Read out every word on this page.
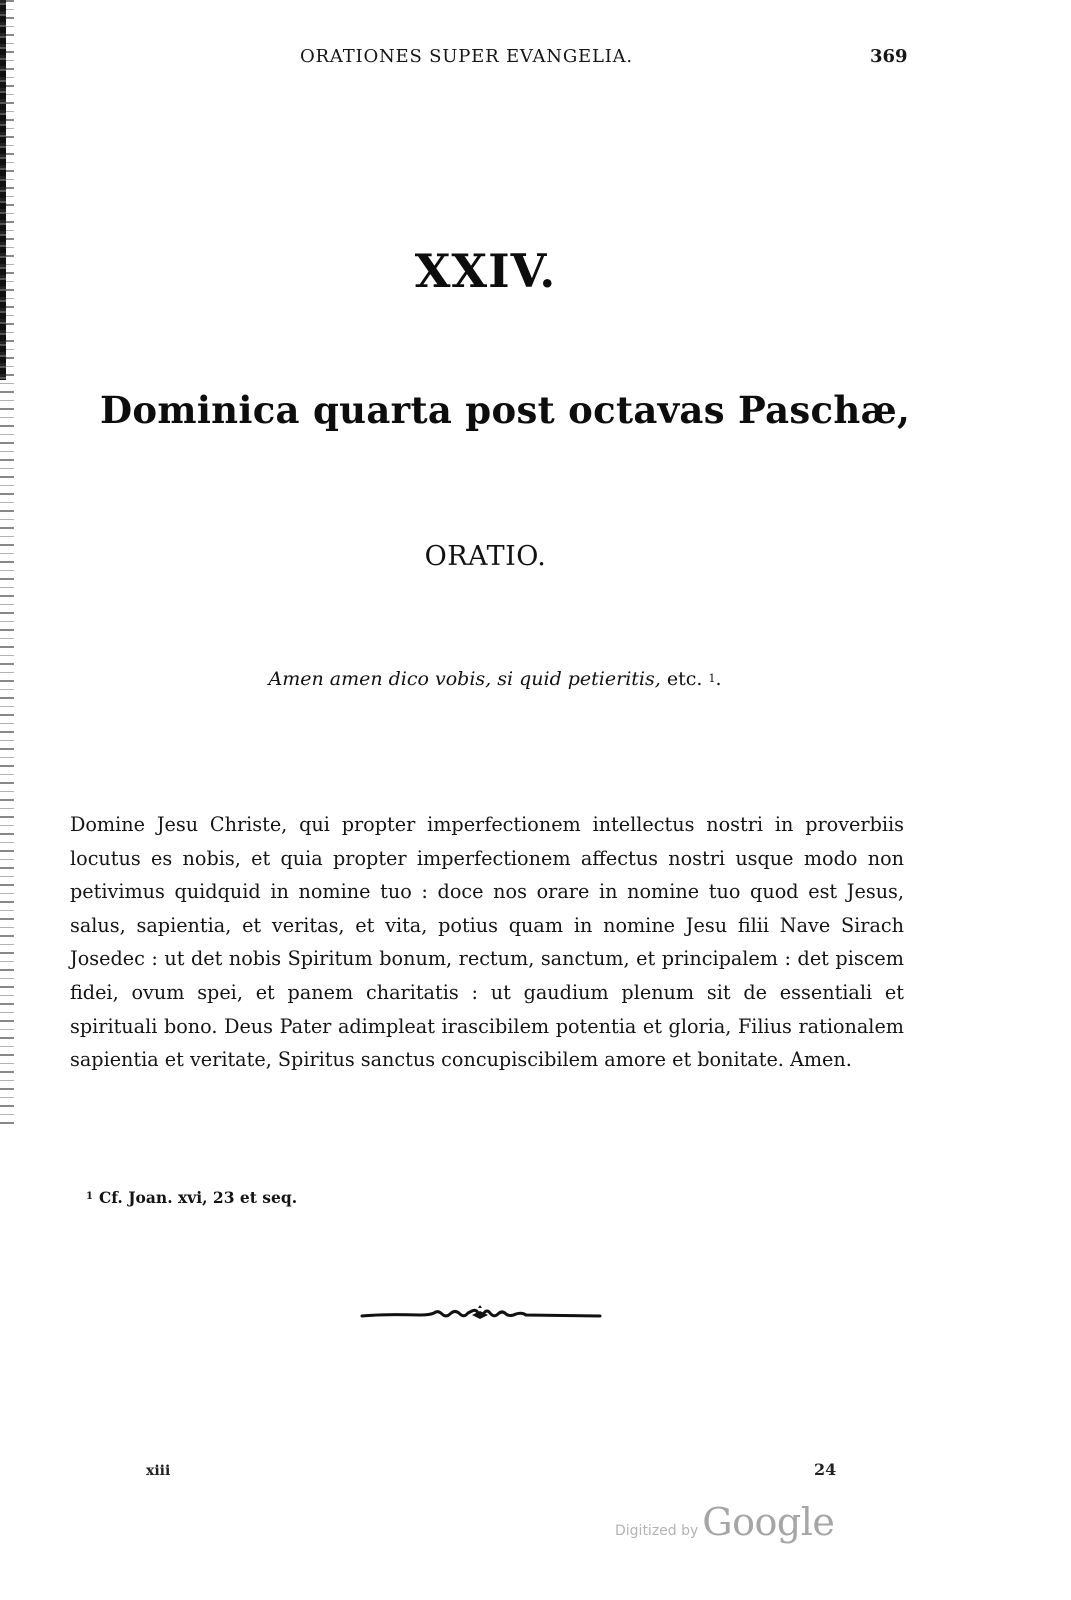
ORATIONES SUPER EVANGELIA.	369
XXIV.
Dominica quarta post octavas Paschæ,
ORATIO.
Amen amen dico vobis, si quid petieritis, etc. $^1$.
Domine Jesu Christe, qui propter imperfectionem intellectus nostri in proverbiis locutus es nobis, et quia propter imperfectionem affectus nostri usque modo non petivimus quidquid in nomine tuo : doce nos orare in nomine tuo quod est Jesus, salus, sapientia, et veritas, et vita, potius quam in nomine Jesu filii Nave Sirach Josedec : ut det nobis Spiritum bonum, rectum, sanctum, et principalem : det piscem fidei, ovum spei, et panem charitatis : ut gaudium plenum sit de essentiali et spirituali bono. Deus Pater adimpleat irascibilem potentia et gloria, Filius rationalem sapientia et veritate, Spiritus sanctus concupiscibilem amore et bonitate. Amen.
$^1$ Cf. Joan. xvi, 23 et seq.
xiii	24
Digitized by Google
